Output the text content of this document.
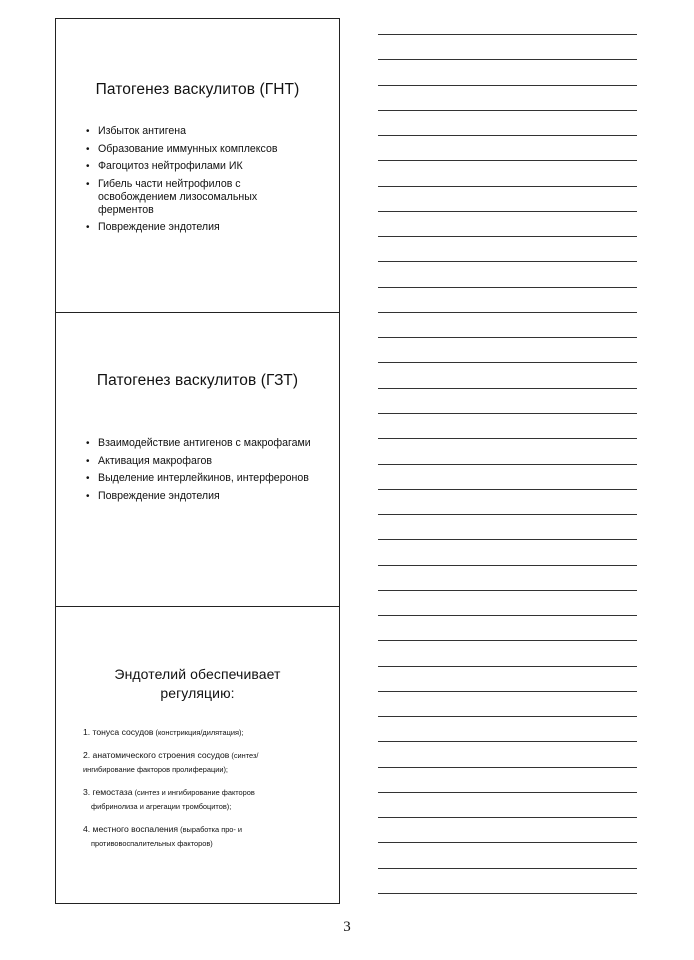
Патогенез васкулитов (ГНТ)
• Избыток антигена
• Образование иммунных комплексов
• Фагоцитоз нейтрофилами ИК
• Гибель части нейтрофилов с освобождением лизосомальных ферментов
• Повреждение эндотелия
Патогенез васкулитов (ГЗТ)
• Взаимодействие антигенов с макрофагами
• Активация макрофагов
• Выделение интерлейкинов, интерферонов
• Повреждение эндотелия
Эндотелий обеспечивает
регуляцию:
1. тонуса сосудов (констрикция/дилятация);
2. анатомического строения сосудов (синтез/
ингибирование факторов пролиферации);
3. гемостаза (синтез и ингибирование факторов
фибринолиза и агрегации тромбоцитов);
4. местного воспаления (выработка про- и
противовоспалительных факторов)
3
